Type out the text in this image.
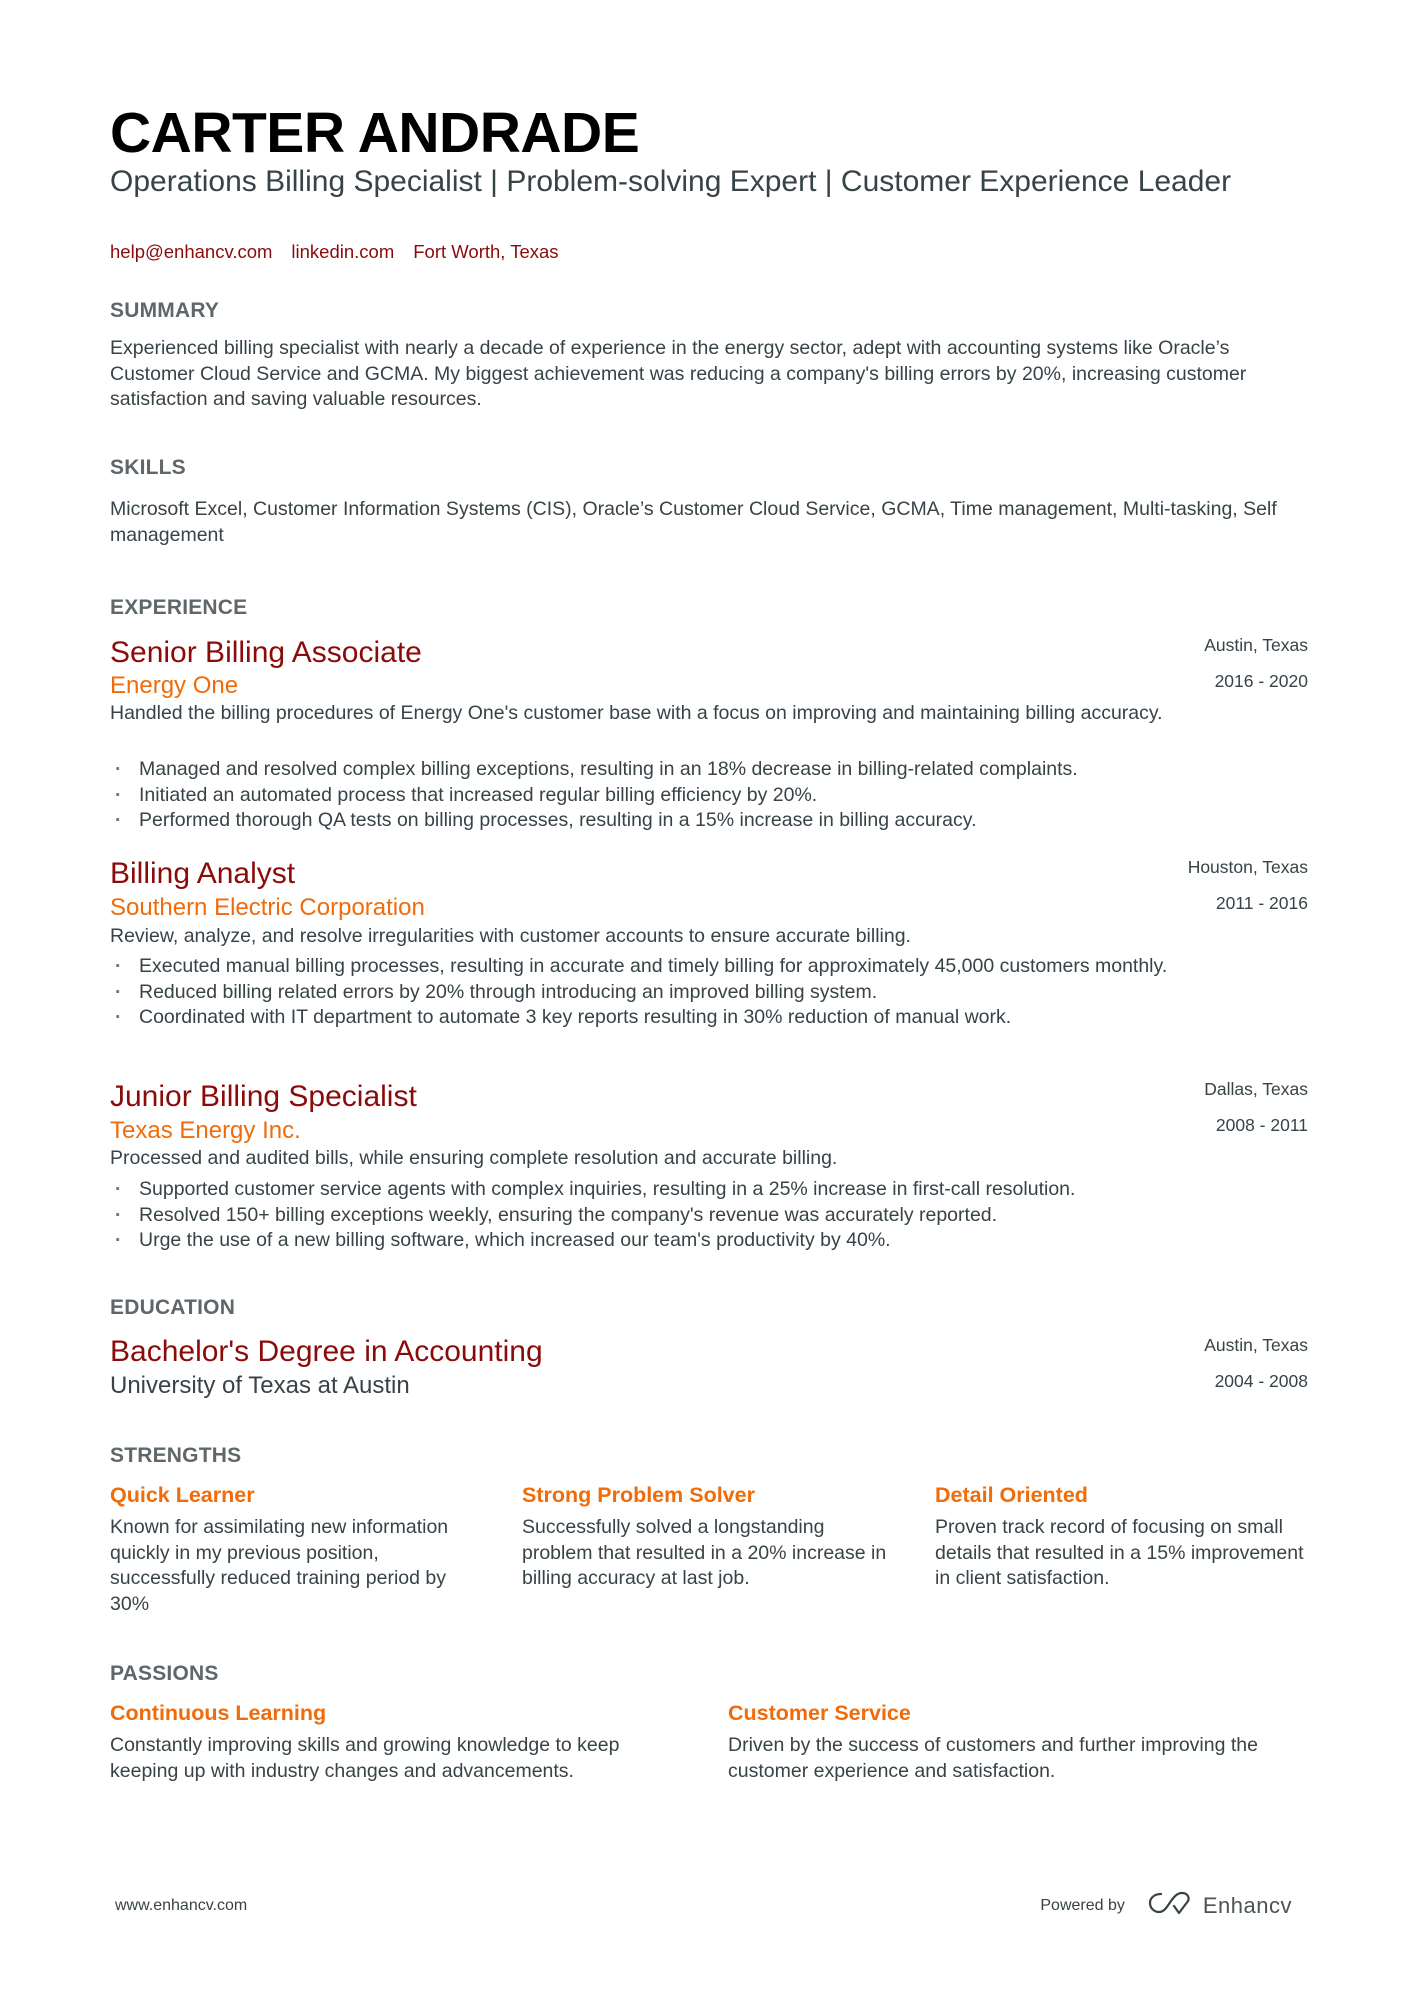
CARTER ANDRADE
Operations Billing Specialist | Problem-solving Expert | Customer Experience Leader
help@enhancv.com linkedin.com Fort Worth, Texas
SUMMARY
Experienced billing specialist with nearly a decade of experience in the energy sector, adept with accounting systems like Oracle’s Customer Cloud Service and GCMA. My biggest achievement was reducing a company's billing errors by 20%, increasing customer satisfaction and saving valuable resources.
SKILLS
Microsoft Excel, Customer Information Systems (CIS), Oracle’s Customer Cloud Service, GCMA, Time management, Multi-tasking, Self management
EXPERIENCE
Senior Billing Associate
Energy One
Austin, Texas
2016 - 2020
Handled the billing procedures of Energy One's customer base with a focus on improving and maintaining billing accuracy.
· Managed and resolved complex billing exceptions, resulting in an 18% decrease in billing-related complaints.
· Initiated an automated process that increased regular billing efficiency by 20%.
· Performed thorough QA tests on billing processes, resulting in a 15% increase in billing accuracy.
Billing Analyst
Southern Electric Corporation
Houston, Texas
2011 - 2016
Review, analyze, and resolve irregularities with customer accounts to ensure accurate billing.
· Executed manual billing processes, resulting in accurate and timely billing for approximately 45,000 customers monthly.
· Reduced billing related errors by 20% through introducing an improved billing system.
· Coordinated with IT department to automate 3 key reports resulting in 30% reduction of manual work.
Junior Billing Specialist
Texas Energy Inc.
Dallas, Texas
2008 - 2011
Processed and audited bills, while ensuring complete resolution and accurate billing.
· Supported customer service agents with complex inquiries, resulting in a 25% increase in first-call resolution.
· Resolved 150+ billing exceptions weekly, ensuring the company's revenue was accurately reported.
· Urge the use of a new billing software, which increased our team's productivity by 40%.
EDUCATION
Bachelor's Degree in Accounting
University of Texas at Austin
Austin, Texas
2004 - 2008
STRENGTHS
Quick Learner
Known for assimilating new information quickly in my previous position, successfully reduced training period by 30%
Strong Problem Solver
Successfully solved a longstanding problem that resulted in a 20% increase in billing accuracy at last job.
Detail Oriented
Proven track record of focusing on small details that resulted in a 15% improvement in client satisfaction.
PASSIONS
Continuous Learning
Constantly improving skills and growing knowledge to keep keeping up with industry changes and advancements.
Customer Service
Driven by the success of customers and further improving the customer experience and satisfaction.
www.enhancv.com	Powered by	Enhancv
